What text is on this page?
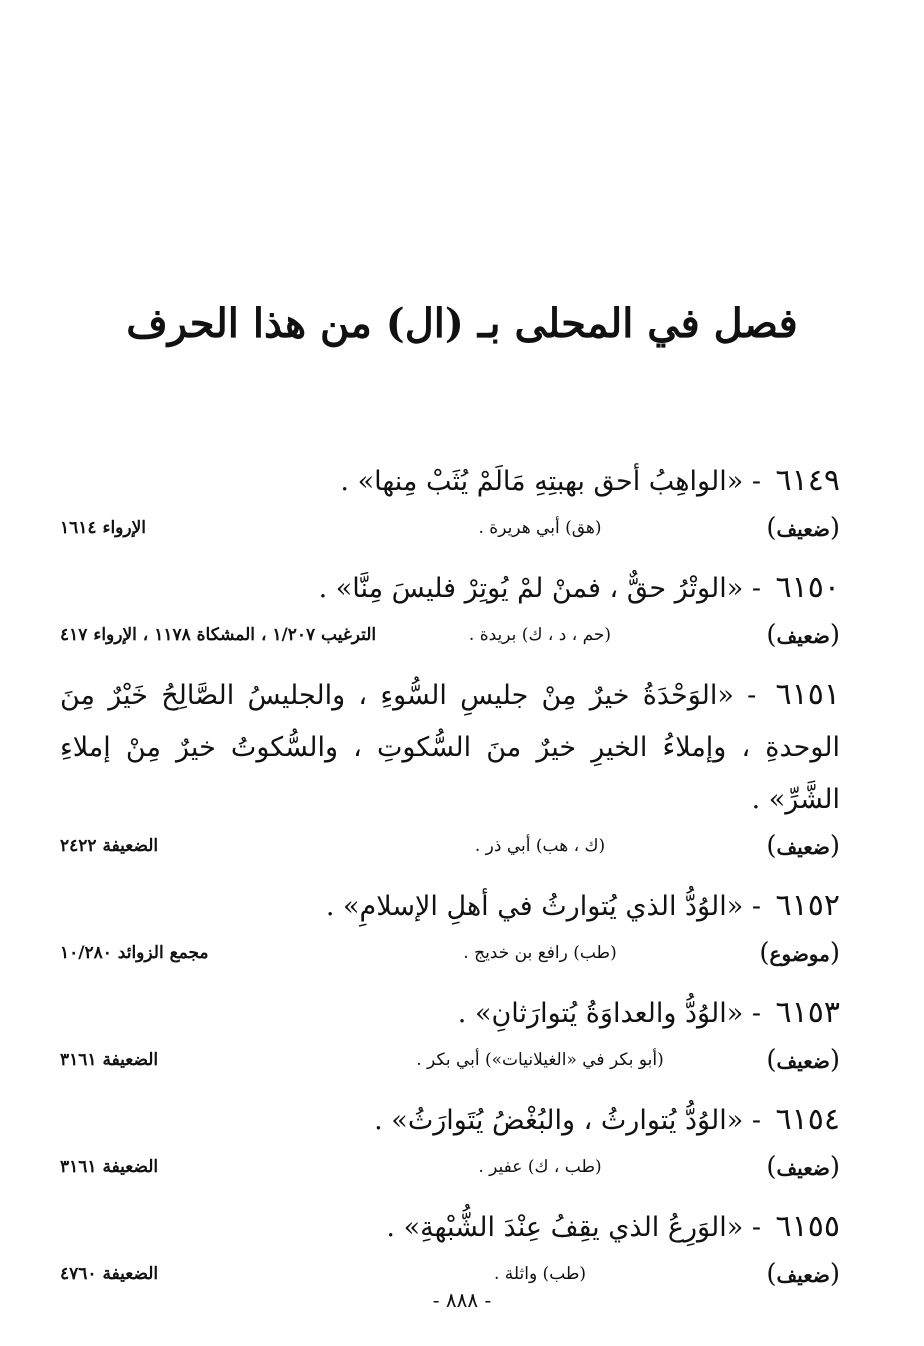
فصل في المحلى بـ (ال) من هذا الحرف

٦١٤٩ - «الواهِبُ أحق بهبتِهِ مَالَمْ يُثَبْ مِنها» .

(ضعيف)
(هق) أبي هريرة .
الإرواء ١٦١٤

٦١٥٠ - «الوتْرُ حقٌّ ، فمنْ لمْ يُوتِرْ فليسَ مِنَّا» .

(ضعيف)
(حم ، د ، ك) بريدة .
الترغيب ١/٢٠٧ ، المشكاة ١١٧٨ ، الإرواء ٤١٧

٦١٥١ - «الوَحْدَةُ خيرٌ مِنْ جليسِ السُّوءِ ، والجليسُ الصَّالِحُ خَيْرٌ مِنَ الوحدةِ ، وإملاءُ الخيرِ خيرٌ منَ السُّكوتِ ، والسُّكوتُ خيرٌ مِنْ إملاءِ الشَّرِّ» .

(ضعيف)
(ك ، هب) أبي ذر .
الضعيفة ٢٤٢٢

٦١٥٢ - «الوُدُّ الذي يُتوارثُ في أهلِ الإسلامِ» .

(موضوع)
(طب) رافع بن خديج .
مجمع الزوائد ١٠/٢٨٠

٦١٥٣ - «الوُدُّ والعداوَةُ يُتوارَثانِ» .

(ضعيف)
(أبو بكر في «الغيلانيات») أبي بكر .
الضعيفة ٣١٦١

٦١٥٤ - «الوُدُّ يُتوارثُ ، والبُغْضُ يُتَوارَثُ» .

(ضعيف)
(طب ، ك) عفير .
الضعيفة ٣١٦١

٦١٥٥ - «الوَرِعُ الذي يقِفُ عِنْدَ الشُّبْهةِ» .

(ضعيف)
(طب) واثلة .
الضعيفة ٤٧٦٠
- ٨٨٨ -
